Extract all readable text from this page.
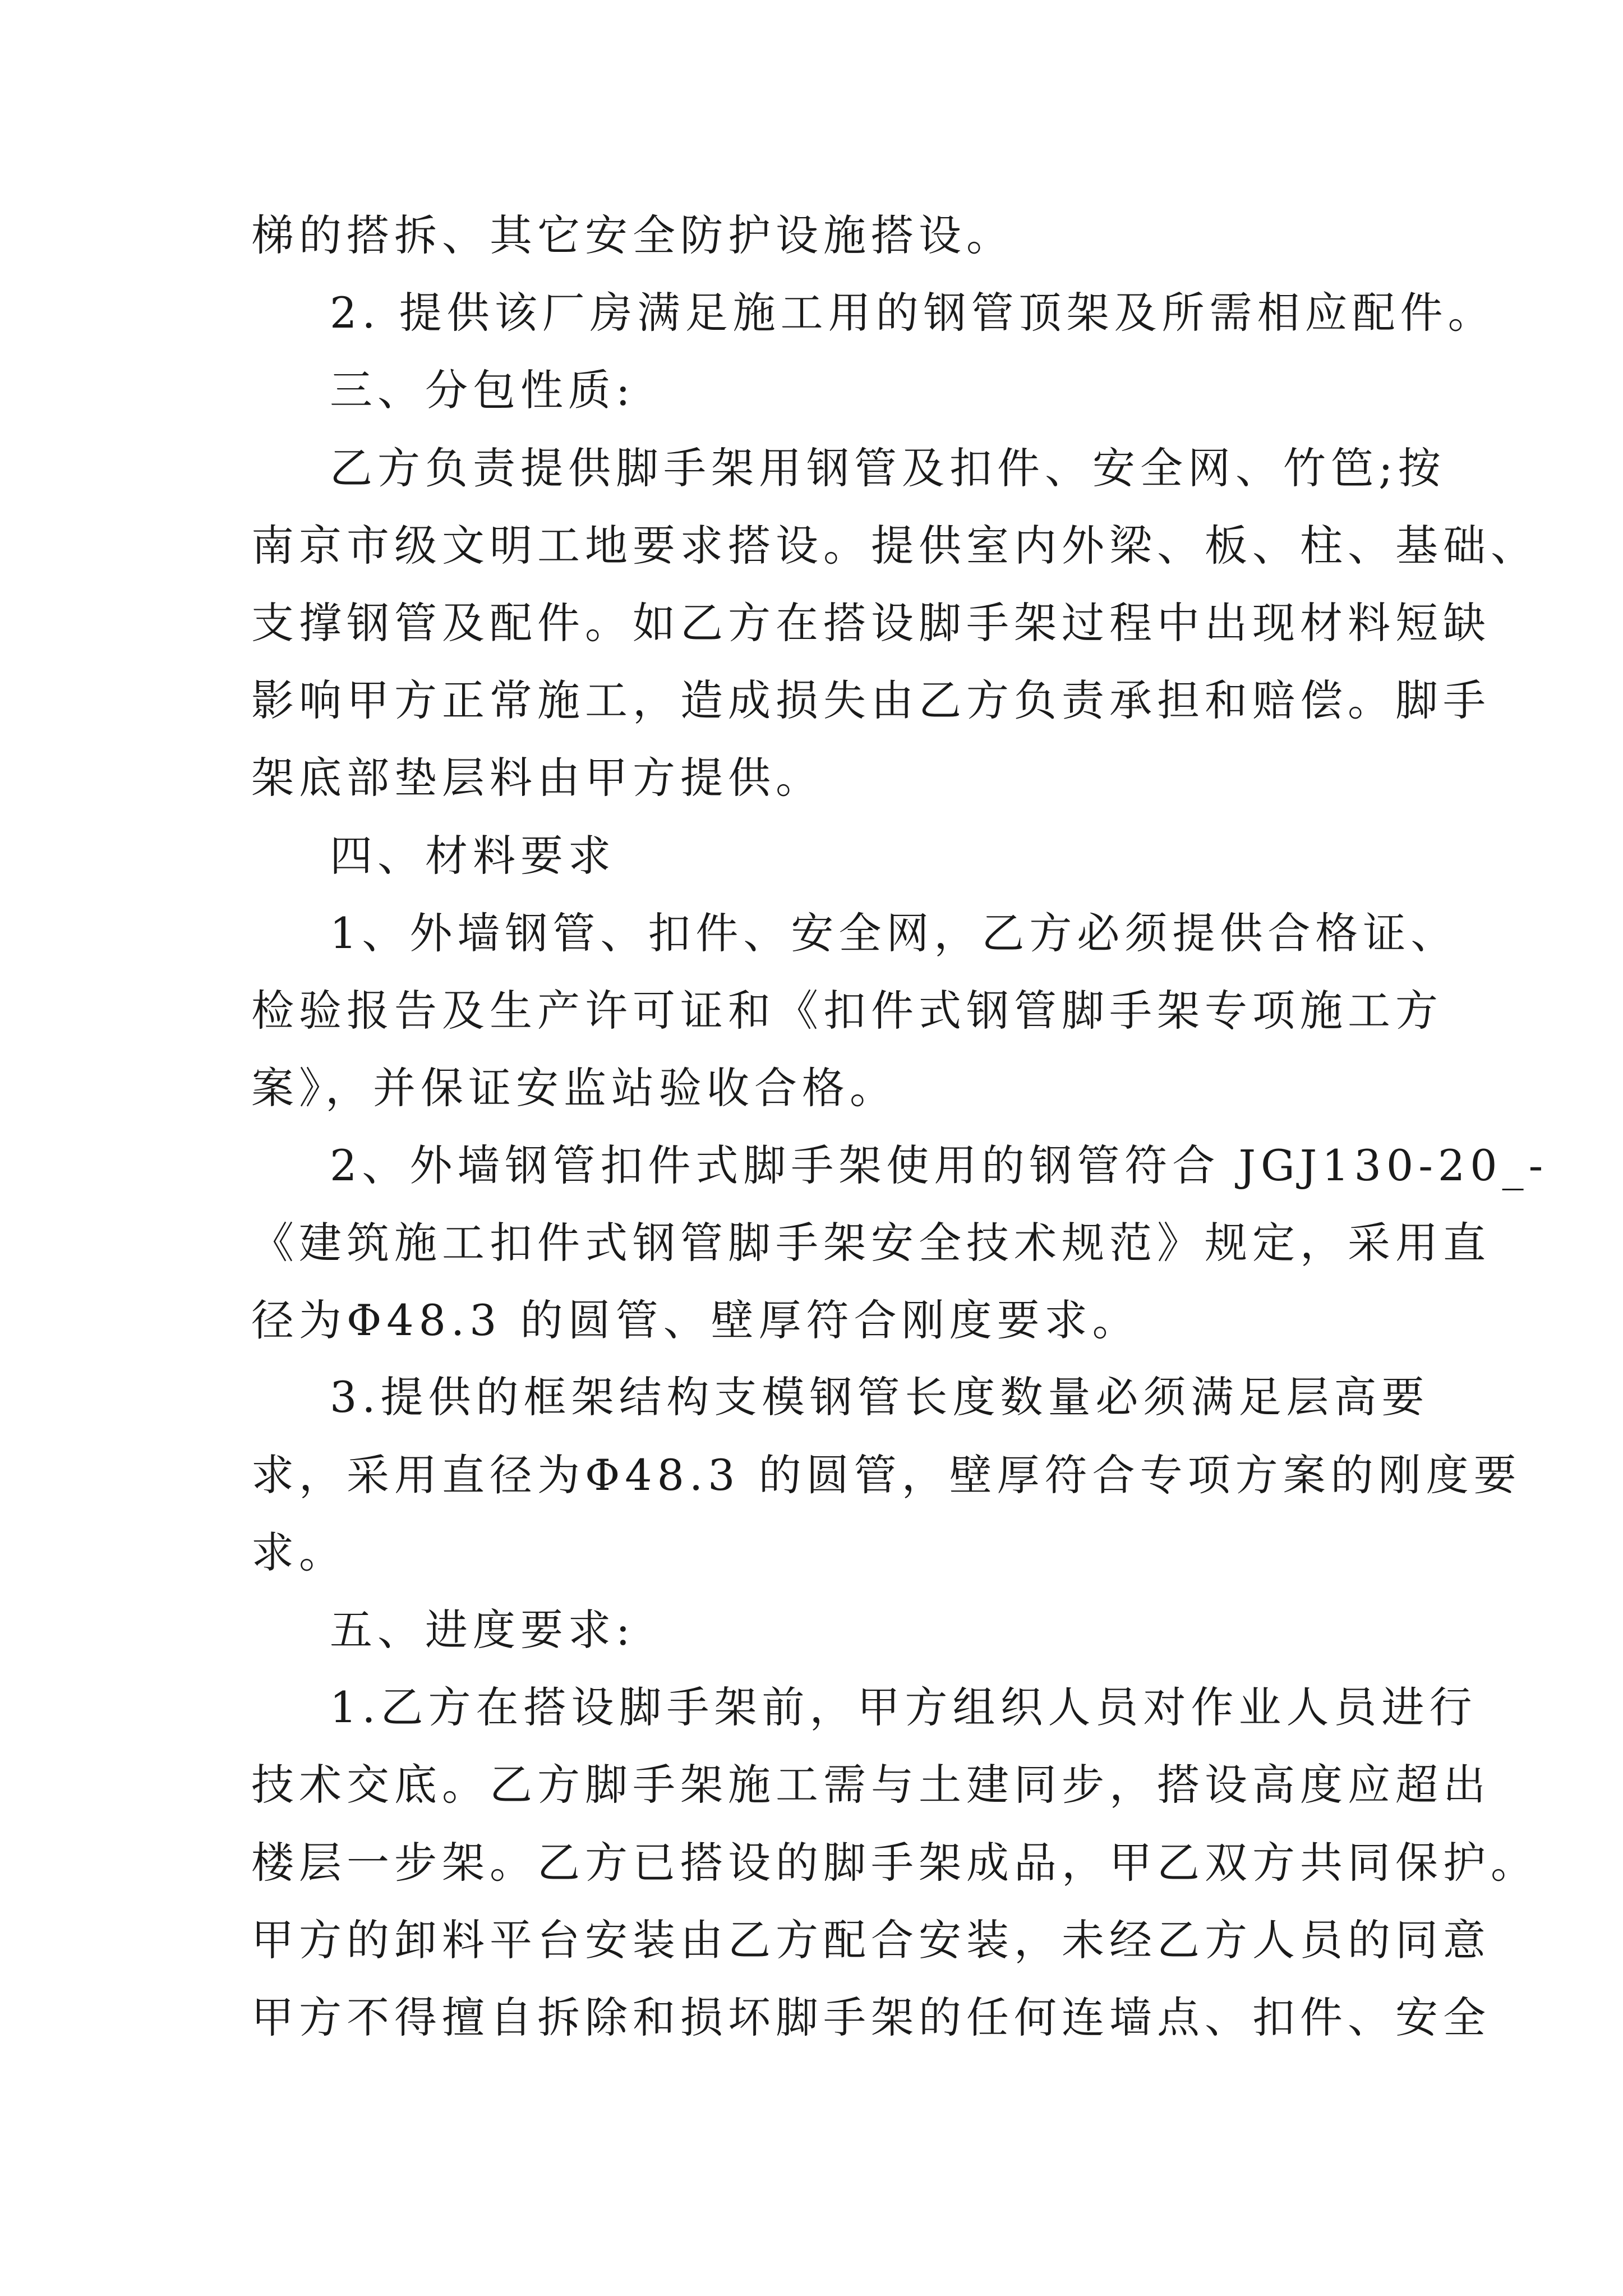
梯的搭拆、其它安全防护设施搭设。
2. 提供该厂房满足施工用的钢管顶架及所需相应配件。
三、分包性质:
乙方负责提供脚手架用钢管及扣件、安全网、竹笆;按
南京市级文明工地要求搭设。提供室内外梁、板、柱、基础、
支撑钢管及配件。如乙方在搭设脚手架过程中出现材料短缺
影响甲方正常施工，造成损失由乙方负责承担和赔偿。脚手
架底部垫层料由甲方提供。
四、材料要求
1、外墙钢管、扣件、安全网，乙方必须提供合格证、
检验报告及生产许可证和《扣件式钢管脚手架专项施工方
案》，并保证安监站验收合格。
2、外墙钢管扣件式脚手架使用的钢管符合 JGJ130-20_-
《建筑施工扣件式钢管脚手架安全技术规范》规定，采用直
径为Φ48.3 的圆管、壁厚符合刚度要求。
3.提供的框架结构支模钢管长度数量必须满足层高要
求，采用直径为Φ48.3 的圆管，壁厚符合专项方案的刚度要
求。
五、进度要求:
1.乙方在搭设脚手架前，甲方组织人员对作业人员进行
技术交底。乙方脚手架施工需与土建同步，搭设高度应超出
楼层一步架。乙方已搭设的脚手架成品，甲乙双方共同保护。
甲方的卸料平台安装由乙方配合安装，未经乙方人员的同意
甲方不得擅自拆除和损坏脚手架的任何连墙点、扣件、安全
